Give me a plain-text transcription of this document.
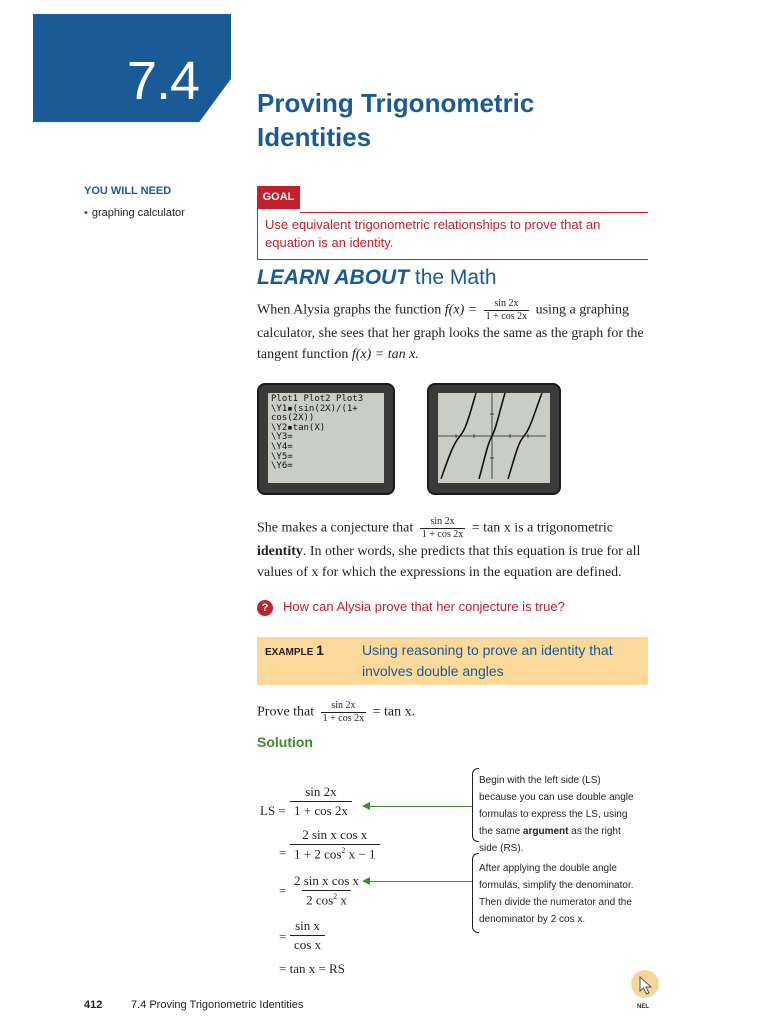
7.4 Proving Trigonometric Identities
YOU WILL NEED
• graphing calculator
GOAL
Use equivalent trigonometric relationships to prove that an equation is an identity.
LEARN ABOUT the Math
When Alysia graphs the function $f(x) = \frac{\sin 2x}{1 + \cos 2x}$ using a graphing calculator, she sees that her graph looks the same as the graph for the tangent function f(x) = tan x.
Plot1 Plot2 Plot3
\Y1▪(sin(2X)/(1+
cos(2X))
\Y2▪tan(X)
\Y3=
\Y4=
\Y5=
\Y6=
She makes a conjecture that $\frac{\sin 2x}{1 + \cos 2x} = \tan x$ is a trigonometric identity. In other words, she predicts that this equation is true for all values of x for which the expressions in the equation are defined.
?	How can Alysia prove that her conjecture is true?
EXAMPLE 1	Using reasoning to prove an identity that involves double angles
Prove that $\frac{\sin 2x}{1 + \cos 2x} = \tan x$.
Solution
LS = $\frac{\sin 2x}{1 + \cos 2x}$
= $\frac{\text{2 sin x cos x}}{1 + 2 \cos^2 x - 1}$
= $\frac{\text{2 sin x cos x}}{2 \cos^2 x}$
= $\frac{\text{sin x}}{\text{cos x}}$
= tan x = RS
Begin with the left side (LS) because you can use double angle formulas to express the LS, using the same argument as the right side (RS).
After applying the double angle formulas, simplify the denominator. Then divide the numerator and the denominator by 2 cos x.
412	7.4 Proving Trigonometric Identities	NEL
